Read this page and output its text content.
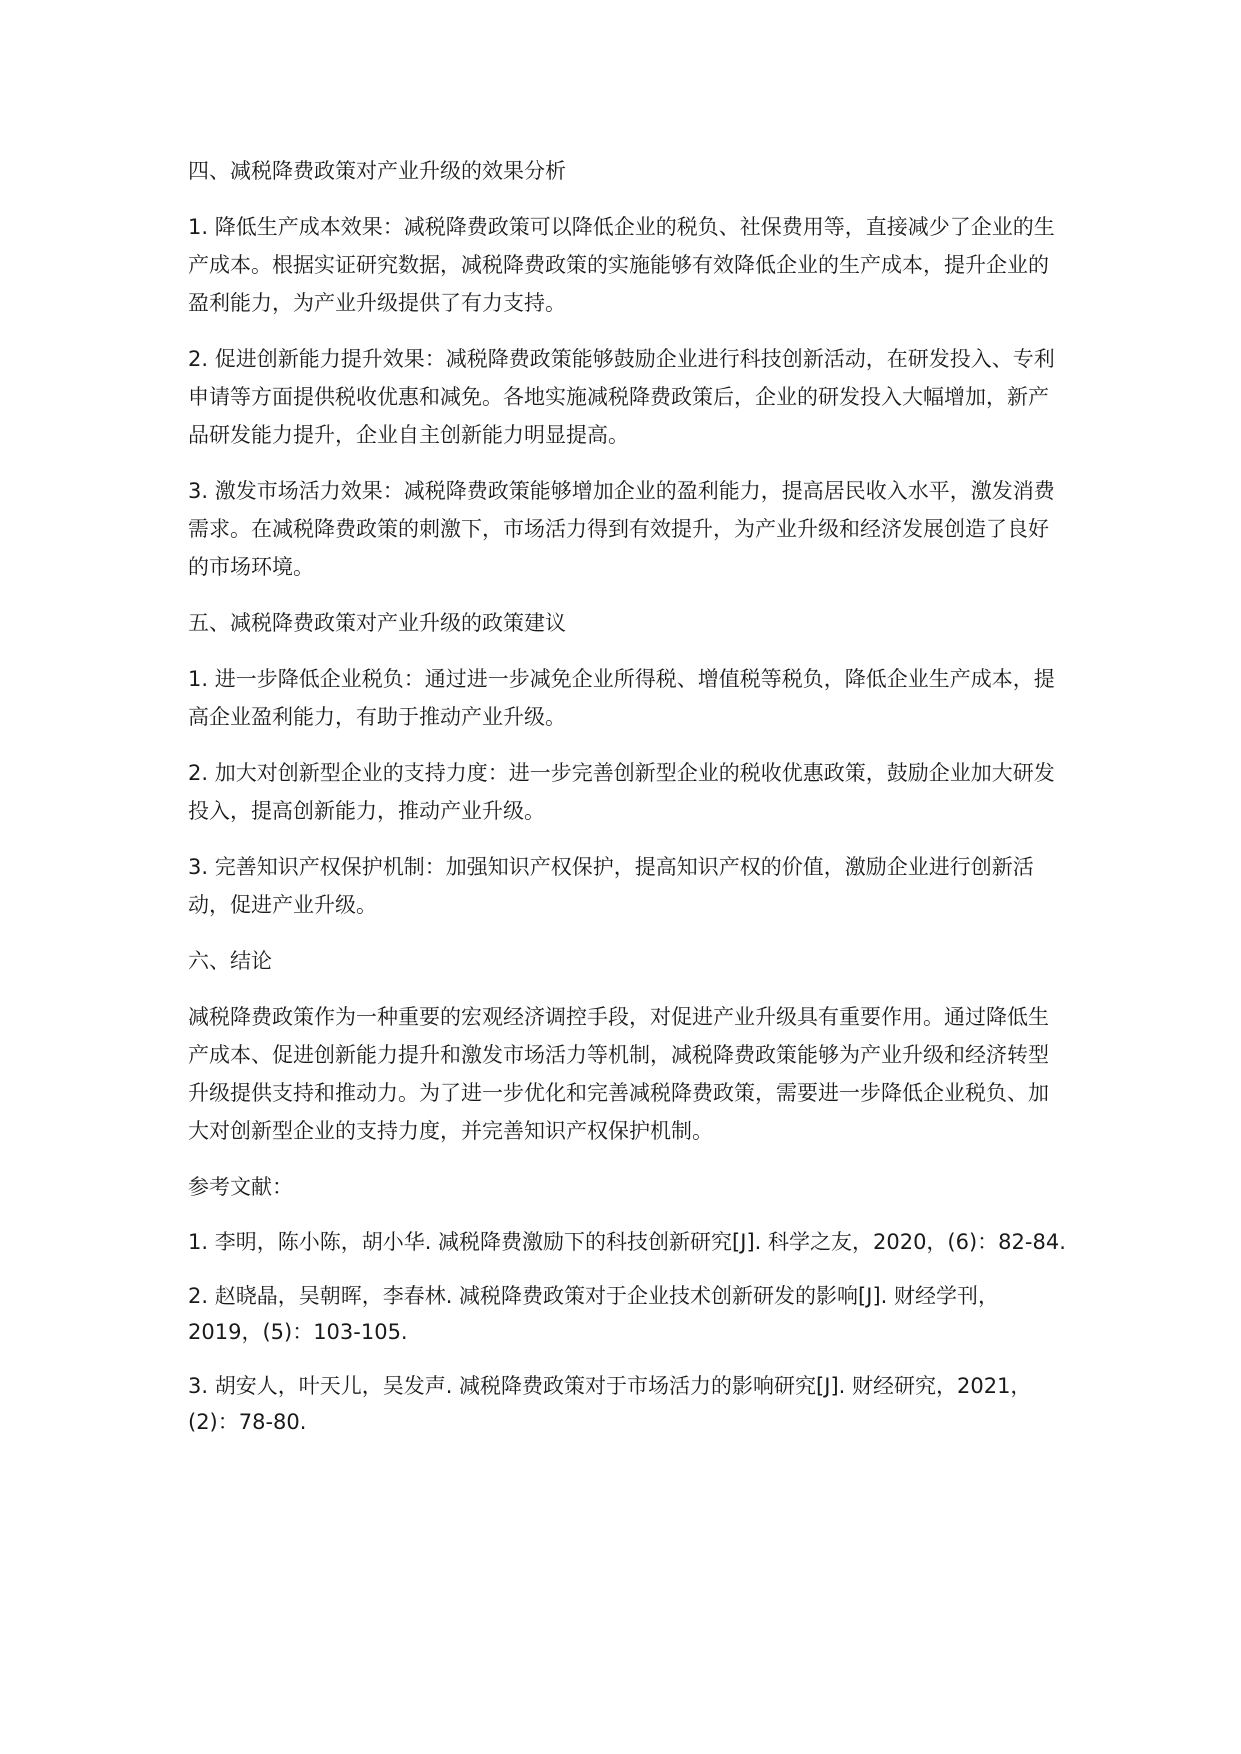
四、减税降费政策对产业升级的效果分析

1. 降低生产成本效果：减税降费政策可以降低企业的税负、社保费用等，直接减少了企业的生产成本。根据实证研究数据，减税降费政策的实施能够有效降低企业的生产成本，提升企业的盈利能力，为产业升级提供了有力支持。

2. 促进创新能力提升效果：减税降费政策能够鼓励企业进行科技创新活动，在研发投入、专利申请等方面提供税收优惠和减免。各地实施减税降费政策后，企业的研发投入大幅增加，新产品研发能力提升，企业自主创新能力明显提高。

3. 激发市场活力效果：减税降费政策能够增加企业的盈利能力，提高居民收入水平，激发消费需求。在减税降费政策的刺激下，市场活力得到有效提升，为产业升级和经济发展创造了良好的市场环境。

五、减税降费政策对产业升级的政策建议

1. 进一步降低企业税负：通过进一步减免企业所得税、增值税等税负，降低企业生产成本，提高企业盈利能力，有助于推动产业升级。

2. 加大对创新型企业的支持力度：进一步完善创新型企业的税收优惠政策，鼓励企业加大研发投入，提高创新能力，推动产业升级。

3. 完善知识产权保护机制：加强知识产权保护，提高知识产权的价值，激励企业进行创新活动，促进产业升级。

六、结论

减税降费政策作为一种重要的宏观经济调控手段，对促进产业升级具有重要作用。通过降低生产成本、促进创新能力提升和激发市场活力等机制，减税降费政策能够为产业升级和经济转型升级提供支持和推动力。为了进一步优化和完善减税降费政策，需要进一步降低企业税负、加大对创新型企业的支持力度，并完善知识产权保护机制。

参考文献：

1. 李明，陈小陈，胡小华. 减税降费激励下的科技创新研究[J]. 科学之友，2020，(6)：82-84.

2. 赵晓晶，吴朝晖，李春林. 减税降费政策对于企业技术创新研发的影响[J]. 财经学刊，2019，(5)：103-105.

3. 胡安人，叶天儿，吴发声. 减税降费政策对于市场活力的影响研究[J]. 财经研究，2021，(2)：78-80.
